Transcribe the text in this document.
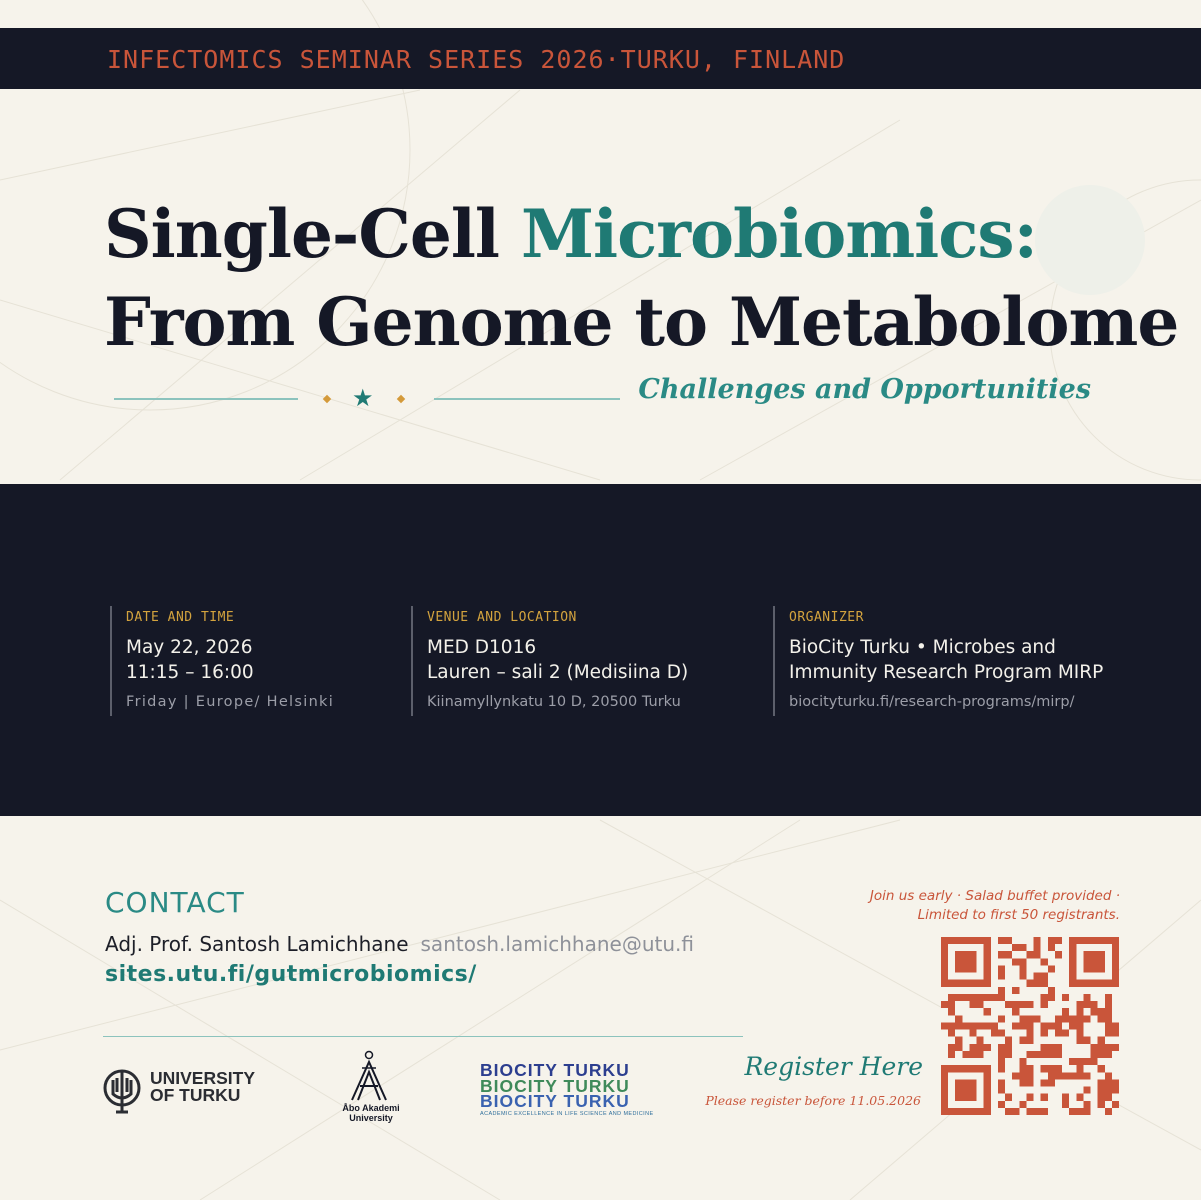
INFECTOMICS SEMINAR SERIES 2026·TURKU, FINLAND
Single-Cell Microbiomics:
From Genome to Metabolome
★	Challenges and Opportunities
DATE AND TIME
May 22, 2026
11:15 – 16:00
Friday | Europe/ Helsinki
VENUE AND LOCATION
MED D1016
Lauren – sali 2 (Medisiina D)
Kiinamyllynkatu 10 D, 20500 Turku
ORGANIZER
BioCity Turku • Microbes and
Immunity Research Program MIRP
biocityturku.fi/research-programs/mirp/
CONTACT
Adj. Prof. Santosh Lamichhane santosh.lamichhane@utu.fi
sites.utu.fi/gutmicrobiomics/
UNIVERSITY
OF TURKU
Åbo Akademi
University
BIOCITY TURKU
BIOCITY TURKU
BIOCITY TURKU
ACADEMIC EXCELLENCE IN LIFE SCIENCE AND MEDICINE
Join us early · Salad buffet provided ·
Limited to first 50 registrants.
Register Here
Please register before 11.05.2026
